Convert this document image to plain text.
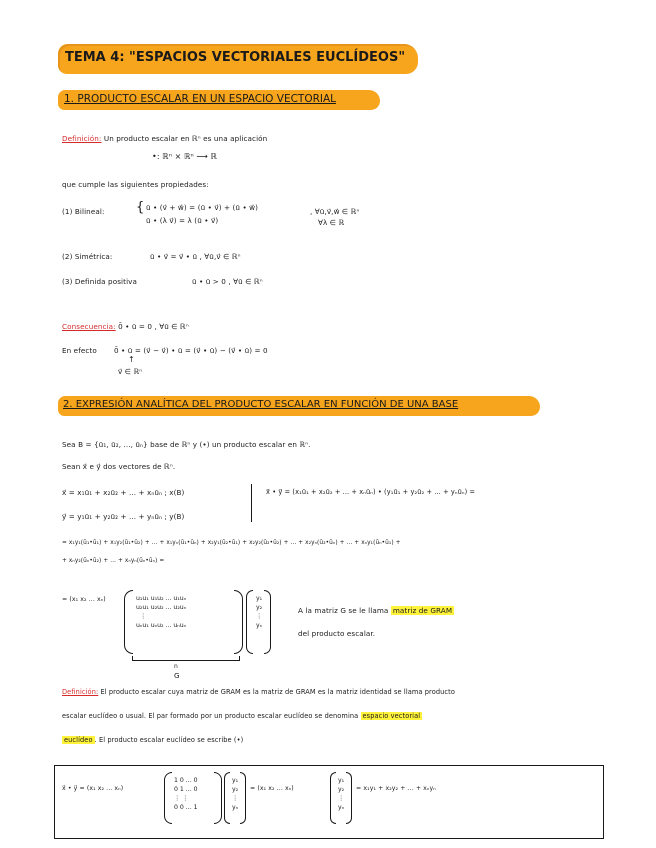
TEMA 4: "ESPACIOS VECTORIALES EUCLÍDEOS"
1. PRODUCTO ESCALAR EN UN ESPACIO VECTORIAL
Definición: Un producto escalar en ℝⁿ es una aplicación
•: ℝⁿ × ℝⁿ ⟶ ℝ
que cumple las siguientes propiedades:
(1) Bilineal: { ū • (v⃗ + w⃗) = (ū • v⃗) + (ū • w⃗)
ū • (λ v⃗) = λ (ū • v⃗)
, ∀ū,v⃗,w⃗ ∈ ℝⁿ
∀λ ∈ ℝ
(2) Simétrica:	ū • v⃗ = v⃗ • ū , ∀ū,v⃗ ∈ ℝⁿ
(3) Definida positiva	ū • ū > 0 , ∀ū ∈ ℝⁿ
Consecuencia: 0̄ • ū = 0 , ∀ū ∈ ℝⁿ
En efecto 0̄ • ū = (v⃗ − v⃗) • ū = (v⃗ • ū) − (v⃗ • ū) = 0
↑
v⃗ ∈ ℝⁿ
2. EXPRESIÓN ANALÍTICA DEL PRODUCTO ESCALAR EN FUNCIÓN DE UNA BASE
Sea B = {ū₁, ū₂, ..., ūₙ} base de ℝⁿ y (•) un producto escalar en ℝⁿ.
Sean x⃗ e y⃗ dos vectores de ℝⁿ.
x⃗ = x₁ū₁ + x₂ū₂ + ... + xₙūₙ ; x(B)
y⃗ = y₁ū₁ + y₂ū₂ + ... + yₙūₙ ; y(B)
x⃗ • y⃗ = (x₁ū₁ + x₂ū₂ + ... + xₙūₙ) • (y₁ū₁ + y₂ū₂ + ... + yₙūₙ) =
= x₁y₁(ū₁•ū₁) + x₁y₂(ū₁•ū₂) + ... + x₁yₙ(ū₁•ūₙ) + x₂y₁(ū₂•ū₁) + x₂y₂(ū₂•ū₂) + ... + x₂yₙ(ū₂•ūₙ) + ... + xₙy₁(ūₙ•ū₁) +
+ xₙy₂(ūₙ•ū₂) + ... + xₙyₙ(ūₙ•ūₙ) =
= (x₁ x₂ ... xₙ)	u₁u₁ u₁u₂ ... u₁uₙ
u₂u₁ u₂u₂ ... u₂uₙ
⋮
uₙu₁ uₙu₂ ... uₙuₙ
y₁
y₂
⋮
yₙ
A la matriz G se le llama matriz de GRAM
del producto escalar.
n
G
Definición: El producto escalar cuya matriz de GRAM es la matriz de GRAM es la matriz identidad se llama producto
escalar euclídeo o usual. El par formado por un producto escalar euclídeo se denomina espacio vectorial
euclídeo . El producto escalar euclídeo se escribe (•)
x⃗ • y⃗ = (x₁ x₂ ... xₙ)
1 0 ... 0
0 1 ... 0
⋮ ⋮
0 0 ... 1
y₁
y₂
⋮
yₙ
= (x₁ x₂ ... xₙ)
y₁
y₂
⋮
yₙ
= x₁y₁ + x₂y₂ + ... + xₙyₙ
